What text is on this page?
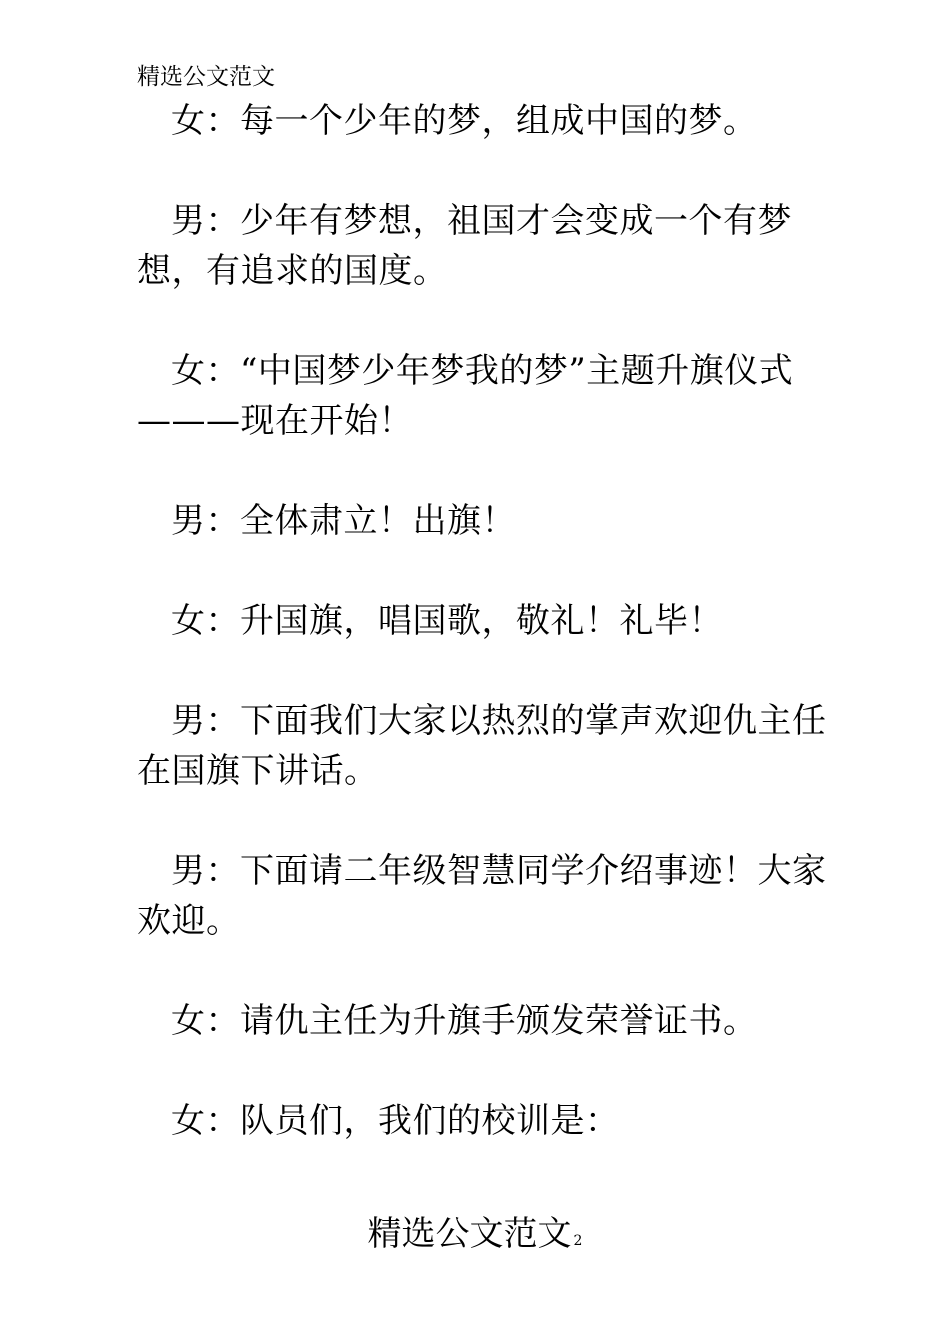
精选公文范文

女：每一个少年的梦，组成中国的梦。

男：少年有梦想，祖国才会变成一个有梦想，有追求的国度。

女：“中国梦少年梦我的梦”主题升旗仪式———现在开始！

男：全体肃立！出旗！

女：升国旗，唱国歌，敬礼！礼毕！

男：下面我们大家以热烈的掌声欢迎仇主任在国旗下讲话。

男：下面请二年级智慧同学介绍事迹！大家欢迎。

女：请仇主任为升旗手颁发荣誉证书。

女：队员们，我们的校训是：

精选公文范文 2
